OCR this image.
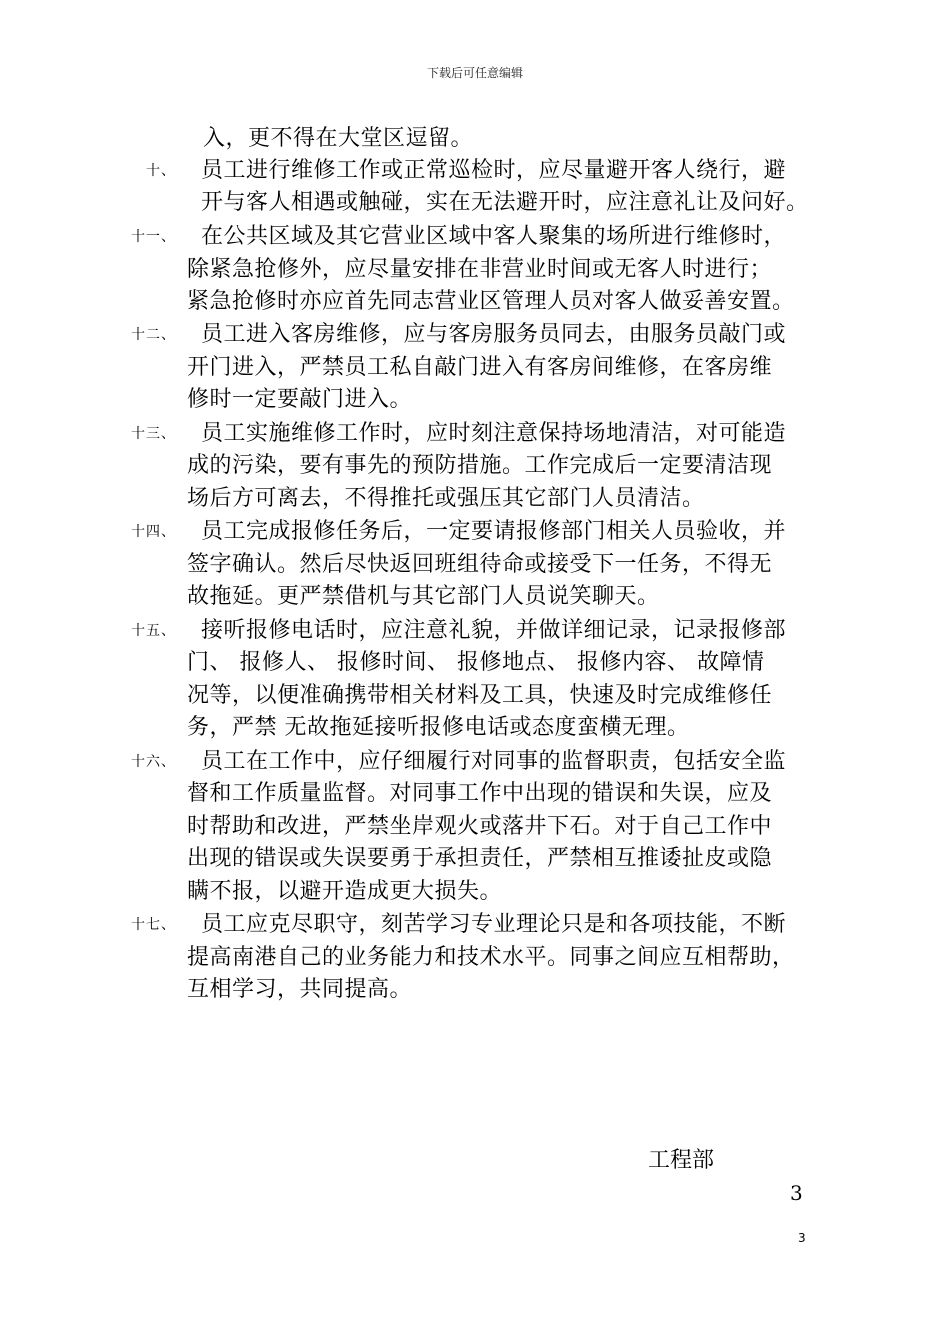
下载后可任意编辑
入，更不得在大堂区逗留。
十、 员工进行维修工作或正常巡检时，应尽量避开客人绕行，避
开与客人相遇或触碰，实在无法避开时，应注意礼让及问好。
十一、 在公共区域及其它营业区域中客人聚集的场所进行维修时，
除紧急抢修外，应尽量安排在非营业时间或无客人时进行；
紧急抢修时亦应首先同志营业区管理人员对客人做妥善安置。
十二、 员工进入客房维修，应与客房服务员同去，由服务员敲门或
开门进入，严禁员工私自敲门进入有客房间维修，在客房维
修时一定要敲门进入。
十三、 员工实施维修工作时，应时刻注意保持场地清洁，对可能造
成的污染，要有事先的预防措施。工作完成后一定要清洁现
场后方可离去，不得推托或强压其它部门人员清洁。
十四、 员工完成报修任务后，一定要请报修部门相关人员验收，并
签字确认。然后尽快返回班组待命或接受下一任务，不得无
故拖延。更严禁借机与其它部门人员说笑聊天。
十五、 接听报修电话时，应注意礼貌，并做详细记录，记录报修部
门、 报修人、 报修时间、 报修地点、 报修内容、 故障情
况等，以便准确携带相关材料及工具，快速及时完成维修任
务，严禁 无故拖延接听报修电话或态度蛮横无理。
十六、 员工在工作中，应仔细履行对同事的监督职责，包括安全监
督和工作质量监督。对同事工作中出现的错误和失误，应及
时帮助和改进，严禁坐岸观火或落井下石。对于自己工作中
出现的错误或失误要勇于承担责任，严禁相互推诿扯皮或隐
瞒不报，以避开造成更大损失。
十七、 员工应克尽职守，刻苦学习专业理论只是和各项技能，不断
提高南港自己的业务能力和技术水平。同事之间应互相帮助，
互相学习，共同提高。
工程部
3
3
